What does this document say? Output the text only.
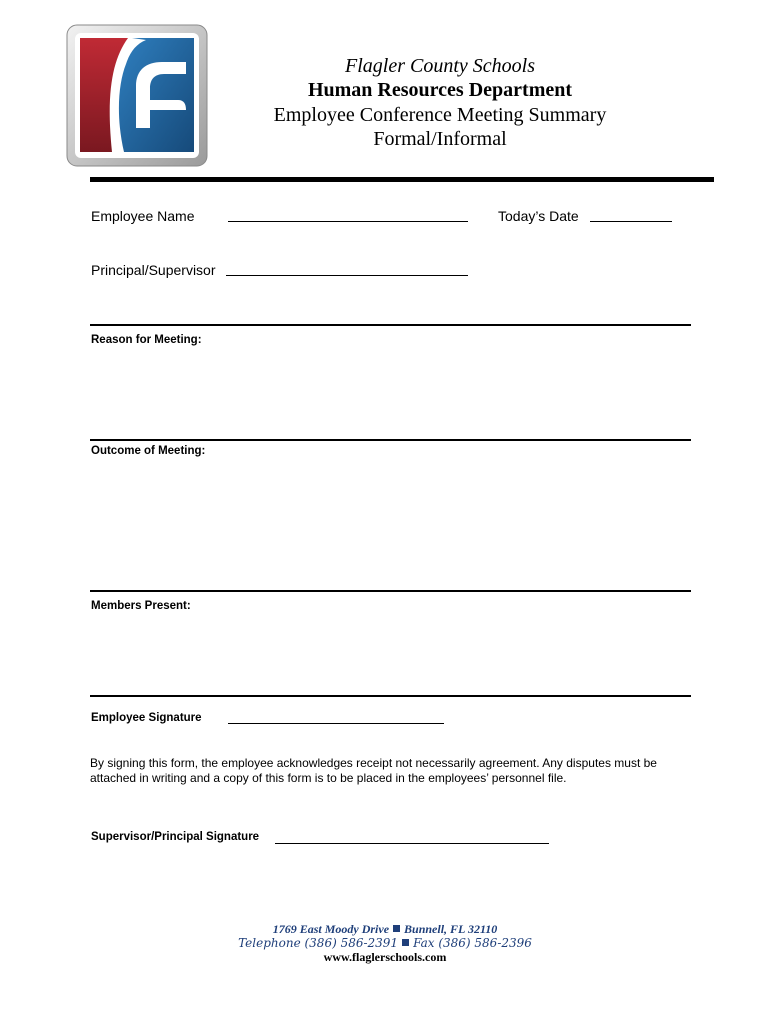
Flagler County Schools
Human Resources Department
Employee Conference Meeting Summary
Formal/Informal
Employee Name	Today’s Date
Principal/Supervisor
Reason for Meeting:
Outcome of Meeting:
Members Present:
Employee Signature
By signing this form, the employee acknowledges receipt not necessarily agreement. Any disputes must be attached in writing and a copy of this form is to be placed in the employees’ personnel file.
Supervisor/Principal Signature
1769 East Moody Drive Bunnell, FL 32110
Telephone (386) 586-2391 Fax (386) 586-2396
www.flaglerschools.com
